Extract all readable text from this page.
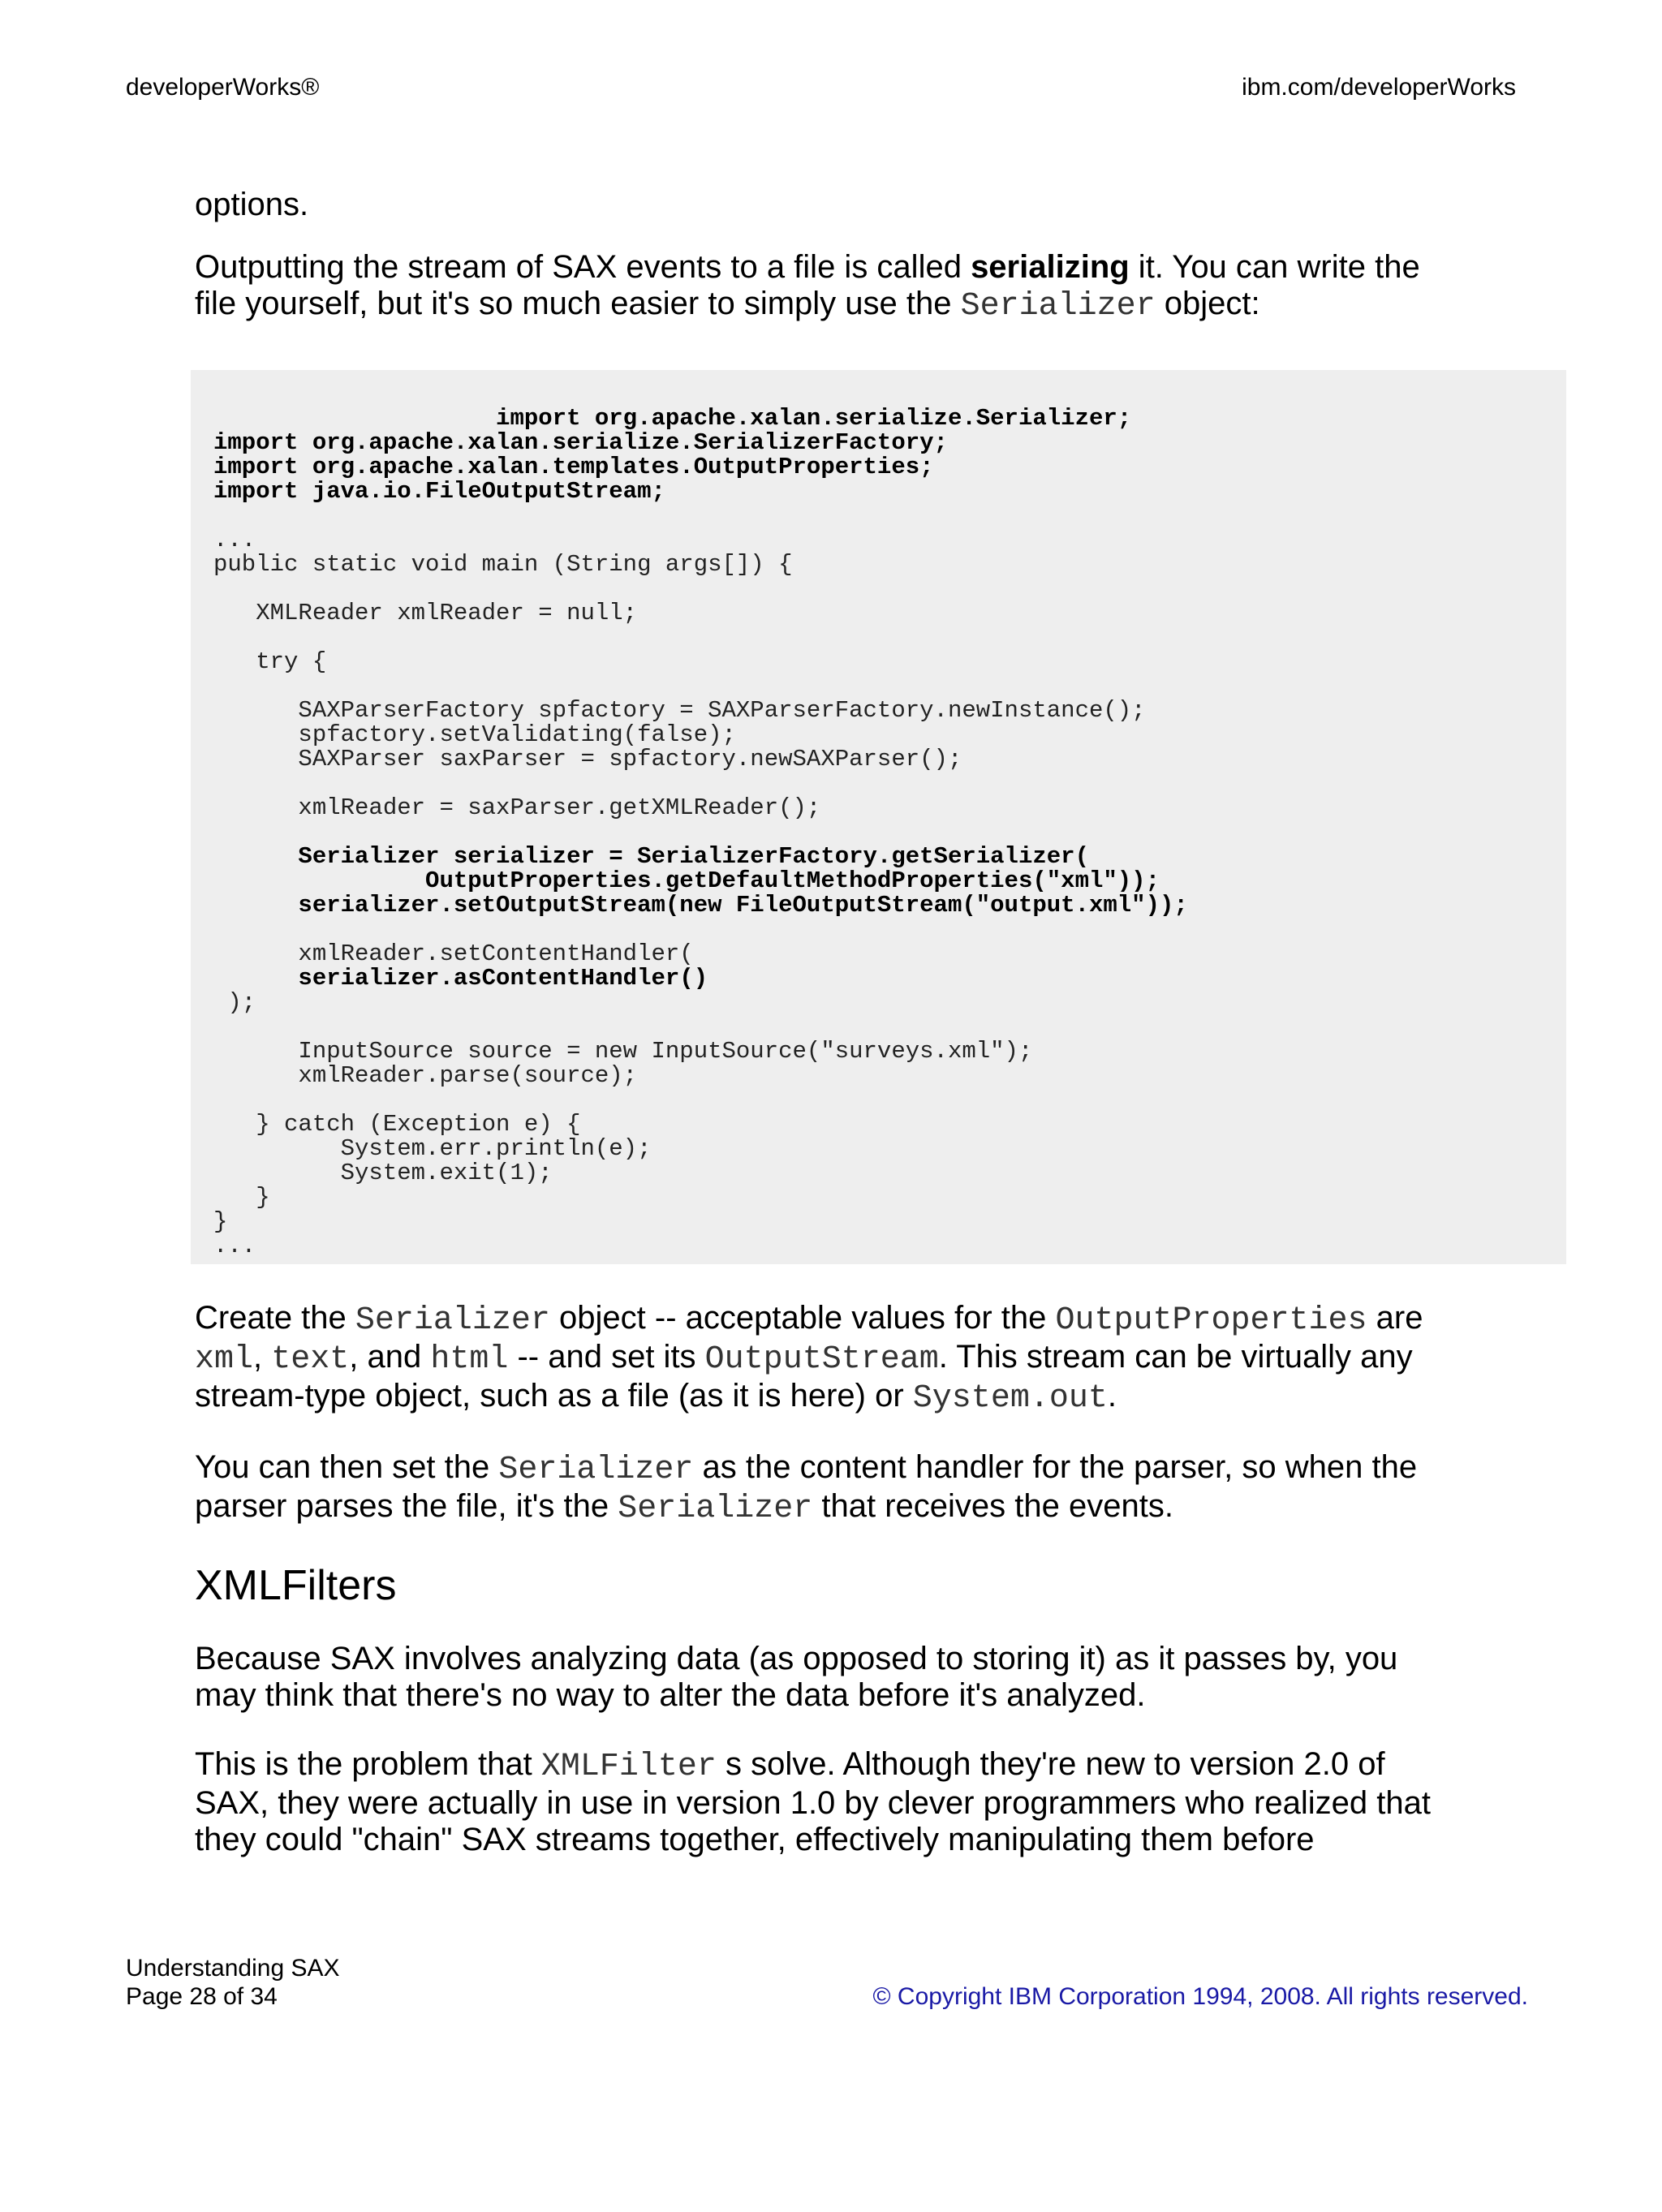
developerWorks®	ibm.com/developerWorks

options.

Outputting the stream of SAX events to a file is called serializing it. You can write the file yourself, but it's so much easier to simply use the Serializer object:

import org.apache.xalan.serialize.Serializer;
import org.apache.xalan.serialize.SerializerFactory;
import org.apache.xalan.templates.OutputProperties;
import java.io.FileOutputStream;

...
public static void main (String args[]) {

XMLReader xmlReader = null;

try {

SAXParserFactory spfactory = SAXParserFactory.newInstance();
spfactory.setValidating(false);
SAXParser saxParser = spfactory.newSAXParser();

xmlReader = saxParser.getXMLReader();

Serializer serializer = SerializerFactory.getSerializer(
OutputProperties.getDefaultMethodProperties("xml"));
serializer.setOutputStream(new FileOutputStream("output.xml"));

xmlReader.setContentHandler(
serializer.asContentHandler()
);

InputSource source = new InputSource("surveys.xml");
xmlReader.parse(source);

} catch (Exception e) {
System.err.println(e);
System.exit(1);
}
}
...

Create the Serializer object -- acceptable values for the OutputProperties are xml, text, and html -- and set its OutputStream. This stream can be virtually any stream-type object, such as a file (as it is here) or System.out.

You can then set the Serializer as the content handler for the parser, so when the parser parses the file, it's the Serializer that receives the events.

XMLFilters

Because SAX involves analyzing data (as opposed to storing it) as it passes by, you may think that there's no way to alter the data before it's analyzed.

This is the problem that XMLFilter s solve. Although they're new to version 2.0 of SAX, they were actually in use in version 1.0 by clever programmers who realized that they could "chain" SAX streams together, effectively manipulating them before

Understanding SAX
Page 28 of 34	© Copyright IBM Corporation 1994, 2008. All rights reserved.
